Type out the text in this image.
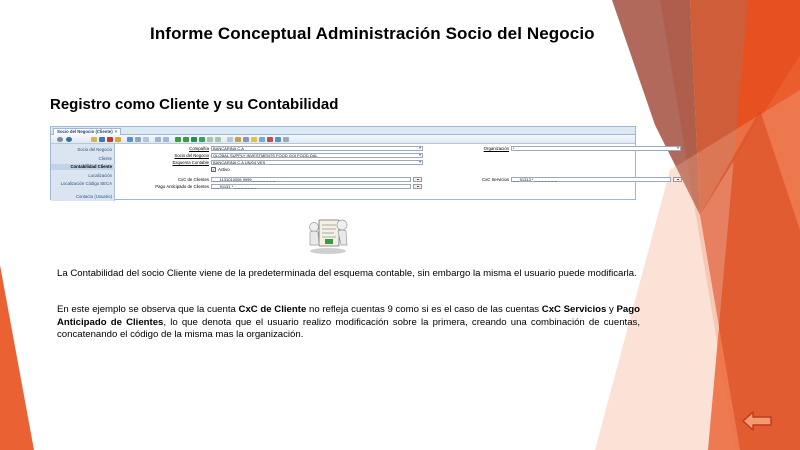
Informe Conceptual Administración Socio del Negocio
Registro como Cliente y su Contabilidad
Socio del Negocio (Cliente) ×
Socio del Negocio
Cliente
Contabilidad Cliente
Localización
Localización Código SECA
Contacto (Usuario)
Compañía	BANCARINA C.A	▾	Organización	*	▾
Socio del Negocio	GLOBAL SUPPLY INVESTMENTS FOOD GOI FOOD DAL	▾
Esquema Contable	BANCARINA C.A UN/04 VES	▾
✓ Activo
CxC de Clientes	_ _ 1131010006 9999 _ _ _ _ _ _ _	CxC Servicios	_ _ 91313 * _ _ _ _ _ _ _
Pago Anticipado de Clientes	_ _ 91131 * _ _ _ _ _ _ _
La Contabilidad del socio Cliente viene de la predeterminada del esquema contable, sin embargo la misma el usuario puede modificarla.
En este ejemplo se observa que la cuenta CxC de Cliente no refleja cuentas 9 como si es el caso de las cuentas CxC Servicios y Pago Anticipado de Clientes, lo que denota que el usuario realizo modificación sobre la primera, creando una combinación de cuentas, concatenando el código de la misma mas la organización.
